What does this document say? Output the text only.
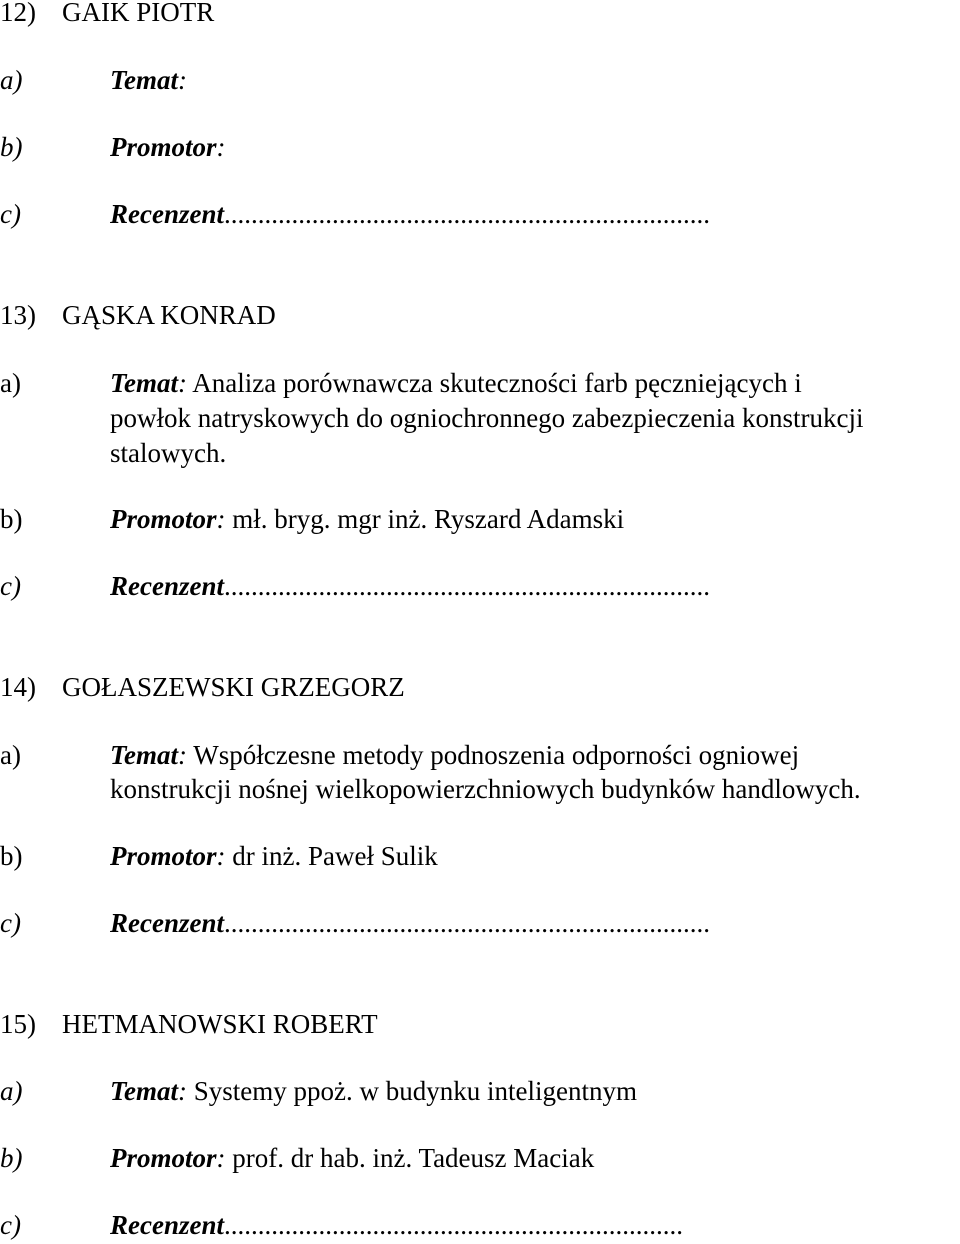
12) GAIK PIOTR
a)	Temat:
b)	Promotor:
c)	Recenzent........................................................................
13) GĄSKA KONRAD
a)	Temat: Analiza porównawcza skuteczności farb pęczniejących i
powłok natryskowych do ogniochronnego zabezpieczenia konstrukcji
stalowych.
b)	Promotor: mł. bryg. mgr inż. Ryszard Adamski
c)	Recenzent........................................................................
14) GOŁASZEWSKI GRZEGORZ
a)	Temat: Współczesne metody podnoszenia odporności ogniowej
konstrukcji nośnej wielkopowierzchniowych budynków handlowych.
b)	Promotor: dr inż. Paweł Sulik
c)	Recenzent........................................................................
15) HETMANOWSKI ROBERT
a)	Temat: Systemy ppoż. w budynku inteligentnym
b)	Promotor: prof. dr hab. inż. Tadeusz Maciak
c)	Recenzent....................................................................
